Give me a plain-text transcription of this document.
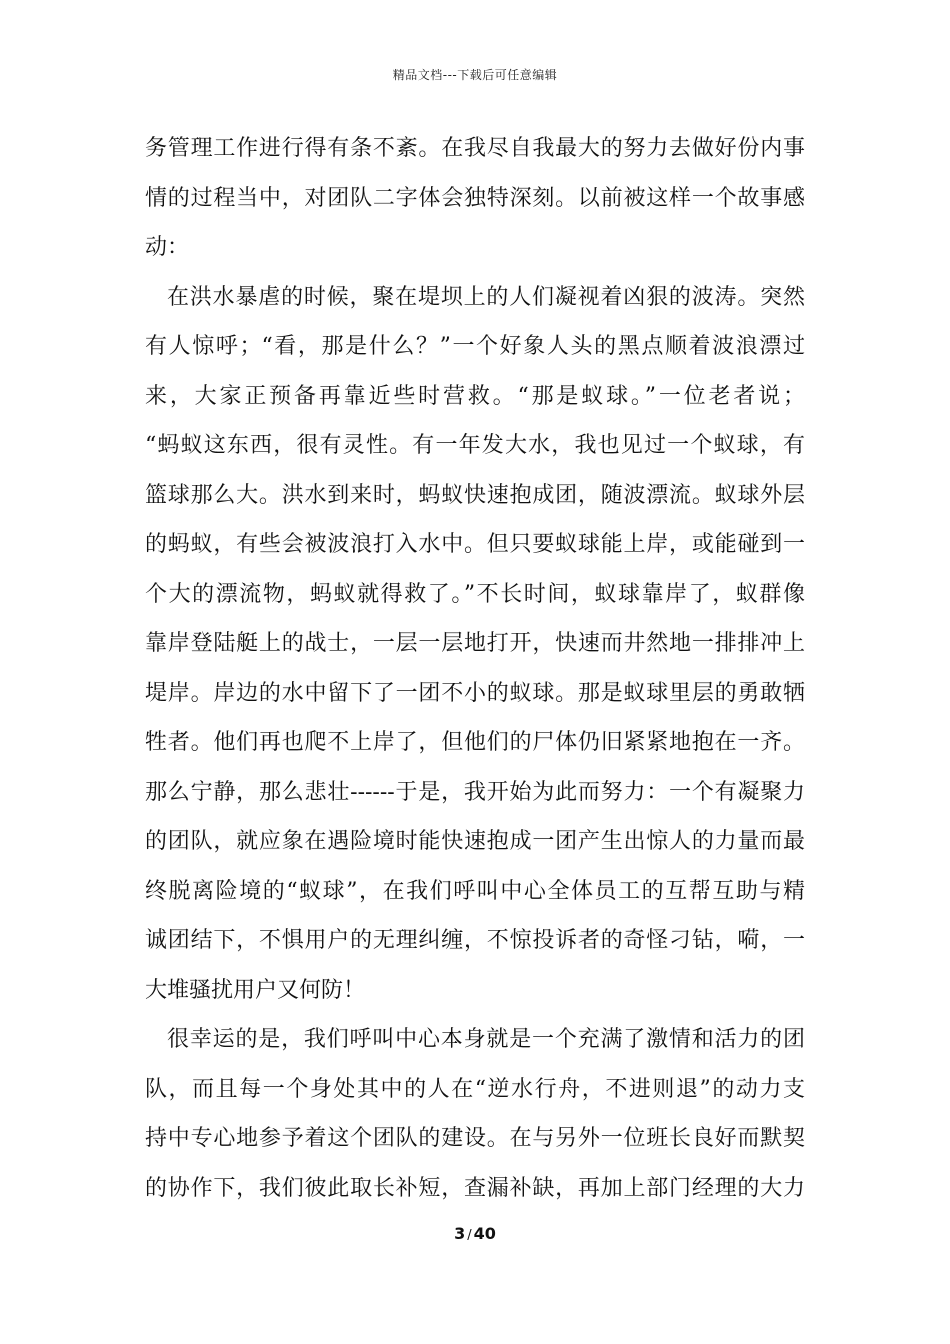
精品文档---下载后可任意编辑
务管理工作进行得有条不紊。在我尽自我最大的努力去做好份内事
情的过程当中，对团队二字体会独特深刻。以前被这样一个故事感
动：
在洪水暴虐的时候，聚在堤坝上的人们凝视着凶狠的波涛。突然
有人惊呼；“看，那是什么？”一个好象人头的黑点顺着波浪漂过
来，大家正预备再靠近些时营救。“那是蚁球。”一位老者说；
“蚂蚁这东西，很有灵性。有一年发大水，我也见过一个蚁球，有
篮球那么大。洪水到来时，蚂蚁快速抱成团，随波漂流。蚁球外层
的蚂蚁，有些会被波浪打入水中。但只要蚁球能上岸，或能碰到一
个大的漂流物，蚂蚁就得救了。”不长时间，蚁球靠岸了，蚁群像
靠岸登陆艇上的战士，一层一层地打开，快速而井然地一排排冲上
堤岸。岸边的水中留下了一团不小的蚁球。那是蚁球里层的勇敢牺
牲者。他们再也爬不上岸了，但他们的尸体仍旧紧紧地抱在一齐。
那么宁静，那么悲壮------于是，我开始为此而努力：一个有凝聚力
的团队，就应象在遇险境时能快速抱成一团产生出惊人的力量而最
终脱离险境的“蚁球”，在我们呼叫中心全体员工的互帮互助与精
诚团结下，不惧用户的无理纠缠，不惊投诉者的奇怪刁钻，嗬，一
大堆骚扰用户又何防！
很幸运的是，我们呼叫中心本身就是一个充满了激情和活力的团
队，而且每一个身处其中的人在“逆水行舟，不进则退”的动力支
持中专心地参予着这个团队的建设。在与另外一位班长良好而默契
的协作下，我们彼此取长补短，查漏补缺，再加上部门经理的大力
3 / 40
